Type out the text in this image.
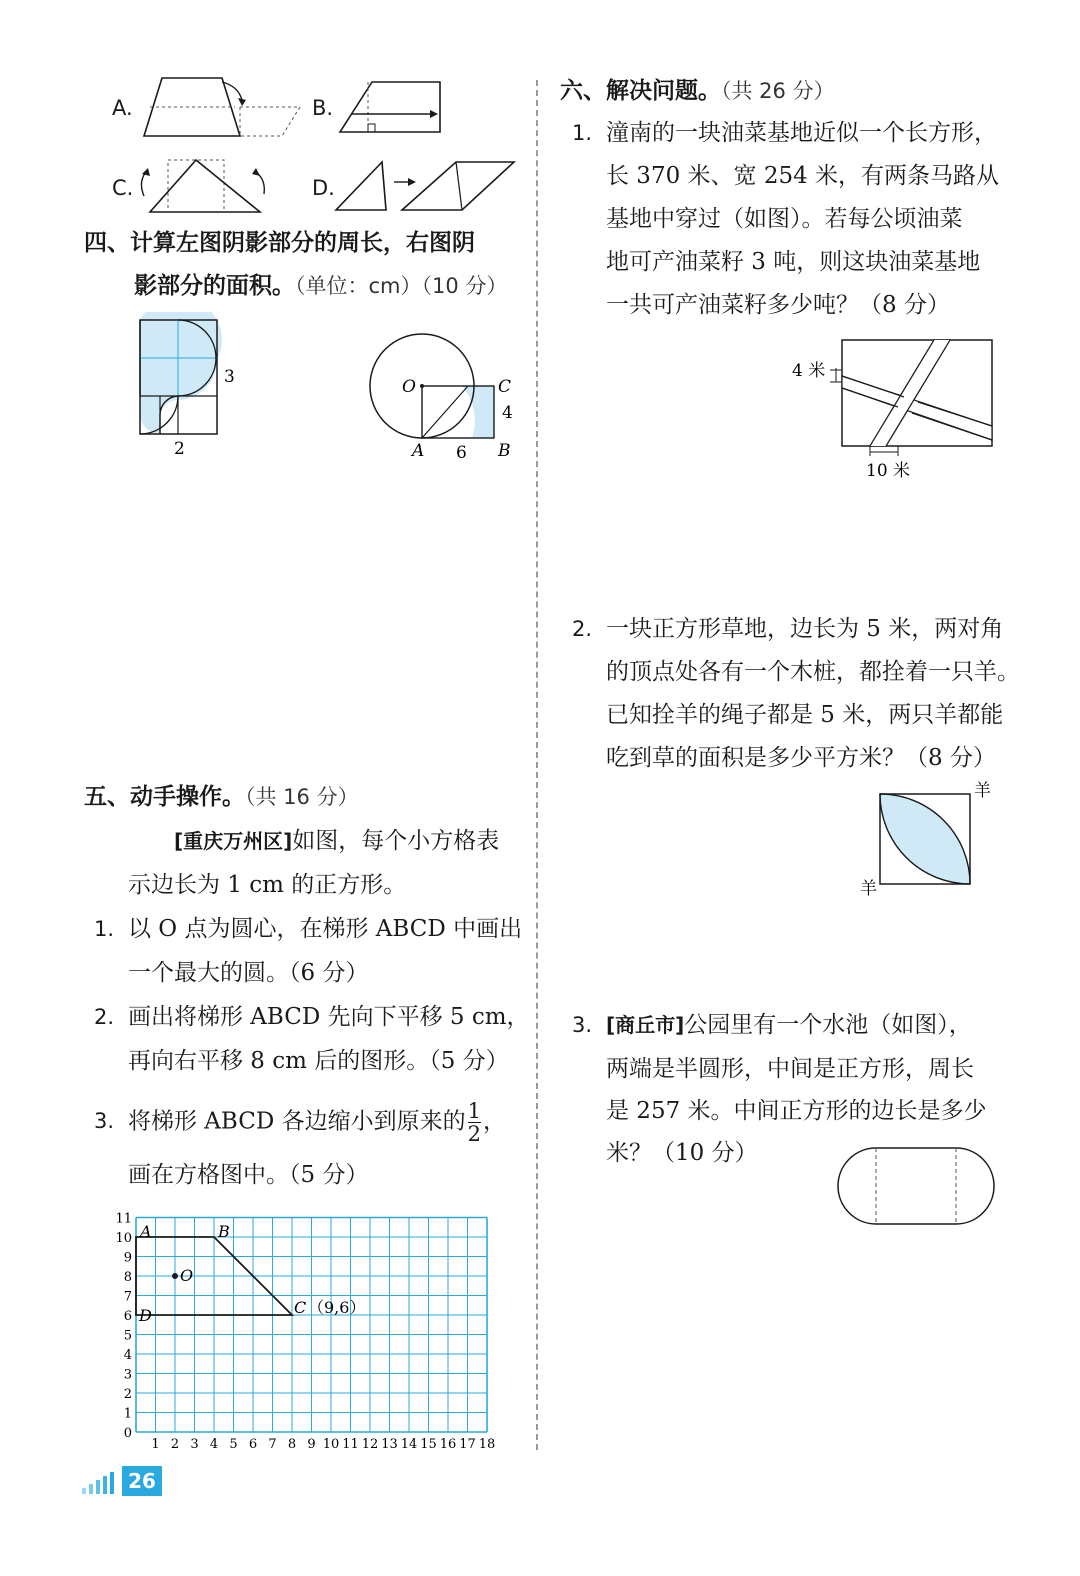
A.	B.
C.	D.
四、计算左图阴影部分的周长，右图阴
影部分的面积。（单位：cm）（10 分）
3
2
O	C
A	B
4
6
五、动手操作。（共 16 分）
[重庆万州区]如图，每个小方格表
示边长为 1 cm 的正方形。
1. 以 O 点为圆心，在梯形 ABCD 中画出
一个最大的圆。（6 分）
2. 画出将梯形 ABCD 先向下平移 5 cm，
再向右平移 8 cm 后的图形。（5 分）
3. 将梯形 ABCD 各边缩小到原来的 $\frac{1}{2}$ ，
画在方格图中。（5 分）
1 2 3 4 5 6 7 8 9 10 11 12 13 14 15 16 17 18
0
1
2
3
4
5
6
7
8
9
10
11
A	B
C
D
O
（9,6）
六、解决问题。（共 26 分）
1. 潼南的一块油菜基地近似一个长方形，
长 370 米、宽 254 米，有两条马路从
基地中穿过（如图）。若每公顷油菜
地可产油菜籽 3 吨，则这块油菜基地
一共可产油菜籽多少吨？（8 分）
4 米
10 米
2. 一块正方形草地，边长为 5 米，两对角
的顶点处各有一个木桩，都拴着一只羊。
已知拴羊的绳子都是 5 米，两只羊都能
吃到草的面积是多少平方米？（8 分）
羊
羊
3. [商丘市]公园里有一个水池（如图），
两端是半圆形，中间是正方形，周长
是 257 米。中间正方形的边长是多少
米？（10 分）
26
